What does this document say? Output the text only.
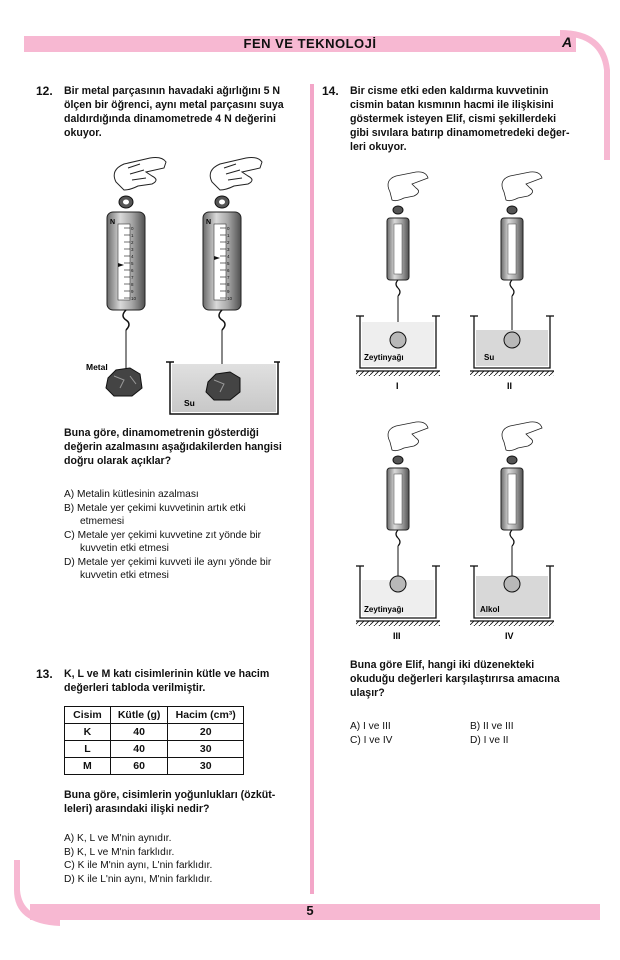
FEN VE TEKNOLOJİ	A
12. Bir metal parçasının havadaki ağırlığını 5 N
ölçen bir öğrenci, aynı metal parçasını suya
daldırdığında dinamometrede 4 N değerini
okuyor.
N
0
1
2
3
4
5
6
7
8
9
10
Metal
N
0
1
2
3
4
5
6
7
8
9
10
Su
Buna göre, dinamometrenin gösterdiği
değerin azalmasını aşağıdakilerden hangisi
doğru olarak açıklar?
A) Metalin kütlesinin azalması
B) Metale yer çekimi kuvvetinin artık etki
etmemesi
C) Metale yer çekimi kuvvetine zıt yönde bir
kuvvetin etki etmesi
D) Metale yer çekimi kuvveti ile aynı yönde bir
kuvvetin etki etmesi
13. K, L ve M katı cisimlerinin kütle ve hacim
değerleri tabloda verilmiştir.
Cisim	Kütle (g)	Hacim (cm³)
K	40	20
L	40	30
M	60	30
Buna göre, cisimlerin yoğunlukları (özküt-
leleri) arasındaki ilişki nedir?
A) K, L ve M'nin aynıdır.
B) K, L ve M'nin farklıdır.
C) K ile M'nin aynı, L'nin farklıdır.
D) K ile L'nin aynı, M'nin farklıdır.
14. Bir cisme etki eden kaldırma kuvvetinin
cismin batan kısmının hacmi ile ilişkisini
göstermek isteyen Elif, cismi şekillerdeki
gibi sıvılara batırıp dinamometredeki değer-
leri okuyor.
Zeytinyağı
I
Su
II
Zeytinyağı
III
Alkol
IV
Buna göre Elif, hangi iki düzenekteki
okuduğu değerleri karşılaştırırsa amacına
ulaşır?
A) I ve III	B) II ve III
C) I ve IV	D) I ve II
5
